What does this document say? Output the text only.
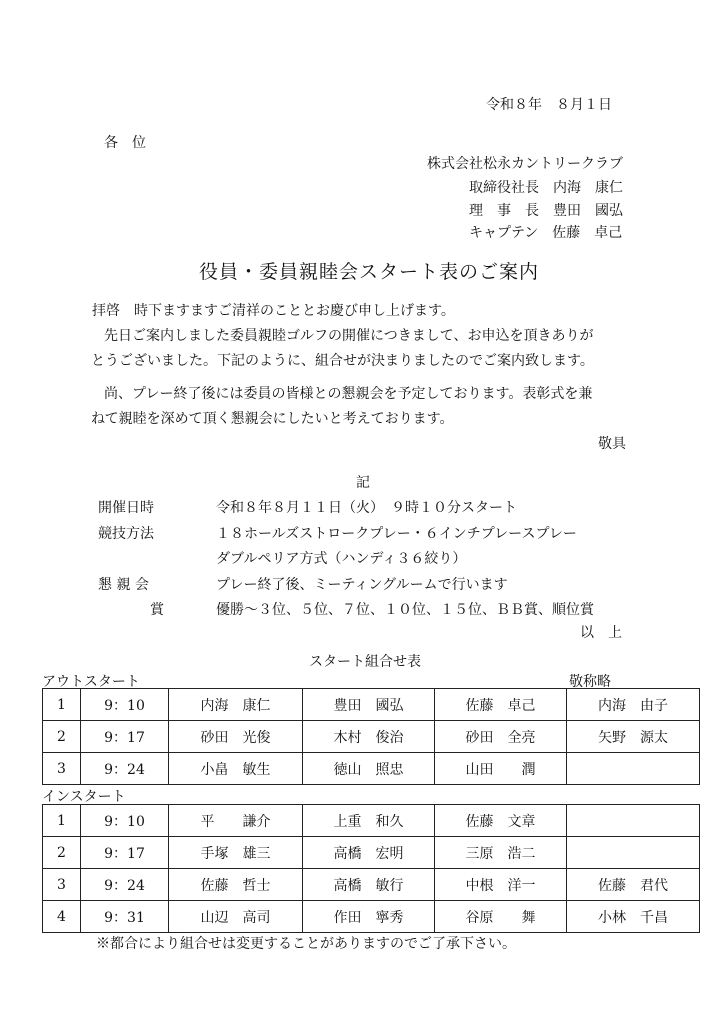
令和８年　８月１日
各　位
株式会社松永カントリークラブ
取締役社長　内海　康仁
理　事　長　豊田　國弘
キャプテン　佐藤　卓己
役員・委員親睦会スタート表のご案内
拝啓　時下ますますご清祥のこととお慶び申し上げます。
先日ご案内しました委員親睦ゴルフの開催につきまして、お申込を頂きありが
とうございました。下記のように、組合せが決まりましたのでご案内致します。
尚、プレー終了後には委員の皆様との懇親会を予定しております。表彰式を兼
ねて親睦を深めて頂く懇親会にしたいと考えております。
敬具
記
開催日時	令和８年８月１１日（火）　９時１０分スタート
競技方法	１８ホールズストロークプレー・６インチプレースプレー
ダブルペリア方式（ハンディ３６絞り）
懇 親 会	プレー終了後、ミーティングルームで行います
賞	優勝～３位、５位、７位、１０位、１５位、ＢＢ賞、順位賞
以　上
スタート組合せ表
アウトスタート	敬称略
1	9：10	内海　康仁	豊田　國弘	佐藤　卓己	内海　由子
2	9：17	砂田　光俊	木村　俊治	砂田　全亮	矢野　源太
3	9：24	小畠　敏生	徳山　照忠	山田　　潤	
インスタート
1	9：10	平　　謙介	上重　和久	佐藤　文章	
2	9：17	手塚　雄三	高橋　宏明	三原　浩二	
3	9：24	佐藤　哲士	高橋　敏行	中根　洋一	佐藤　君代
4	9：31	山辺　高司	作田　寧秀	谷原　　舞	小林　千昌
※都合により組合せは変更することがありますのでご了承下さい。
